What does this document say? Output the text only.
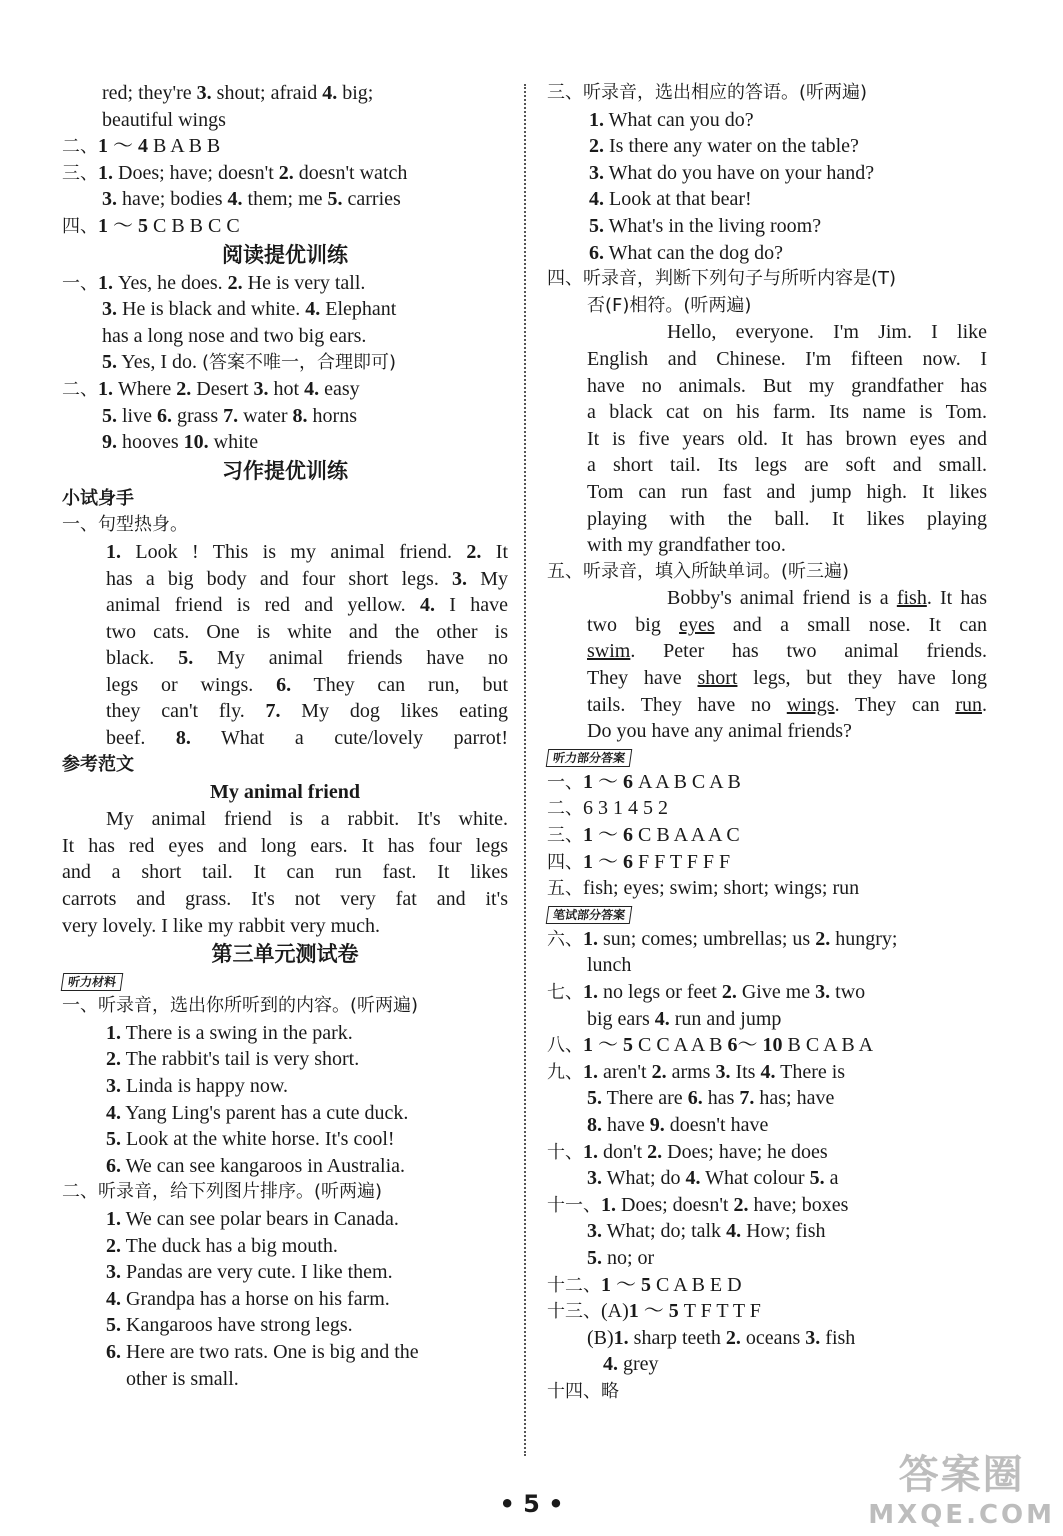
red; they're 3. shout; afraid 4. big;
beautiful wings
二、1 ～ 4 B A B B
三、1. Does; have; doesn't 2. doesn't watch
3. have; bodies 4. them; me 5. carries
四、1 ～ 5 C B B C C
阅读提优训练
一、1. Yes, he does. 2. He is very tall.
3. He is black and white. 4. Elephant
has a long nose and two big ears.
5. Yes, I do. (答案不唯一，合理即可)
二、1. Where 2. Desert 3. hot 4. easy
5. live 6. grass 7. water 8. horns
9. hooves 10. white
习作提优训练
小试身手
一、句型热身。
1. Look ! This is my animal friend. 2. It
has a big body and four short legs. 3. My
animal friend is red and yellow. 4. I have
two cats. One is white and the other is
black. 5. My animal friends have no
legs or wings. 6. They can run, but
they can't fly. 7. My dog likes eating
beef. 8. What a cute/lovely parrot!
参考范文
My animal friend
My animal friend is a rabbit. It's white.
It has red eyes and long ears. It has four legs
and a short tail. It can run fast. It likes
carrots and grass. It's not very fat and it's
very lovely. I like my rabbit very much.
第三单元测试卷
听力材料
一、听录音，选出你所听到的内容。(听两遍)
1. There is a swing in the park.
2. The rabbit's tail is very short.
3. Linda is happy now.
4. Yang Ling's parent has a cute duck.
5. Look at the white horse. It's cool!
6. We can see kangaroos in Australia.
二、听录音，给下列图片排序。(听两遍)
1. We can see polar bears in Canada.
2. The duck has a big mouth.
3. Pandas are very cute. I like them.
4. Grandpa has a horse on his farm.
5. Kangaroos have strong legs.
6. Here are two rats. One is big and the
other is small.
三、听录音，选出相应的答语。(听两遍)
1. What can you do?
2. Is there any water on the table?
3. What do you have on your hand?
4. Look at that bear!
5. What's in the living room?
6. What can the dog do?
四、听录音，判断下列句子与所听内容是(T)
否(F)相符。(听两遍)
Hello, everyone. I'm Jim. I like
English and Chinese. I'm fifteen now. I
have no animals. But my grandfather has
a black cat on his farm. Its name is Tom.
It is five years old. It has brown eyes and
a short tail. Its legs are soft and small.
Tom can run fast and jump high. It likes
playing with the ball. It likes playing
with my grandfather too.
五、听录音，填入所缺单词。(听三遍)
Bobby's animal friend is a fish. It has
two big eyes and a small nose. It can
swim. Peter has two animal friends.
They have short legs, but they have long
tails. They have no wings. They can run.
Do you have any animal friends?
听力部分答案
一、1 ～ 6 A A B C A B
二、6 3 1 4 5 2
三、1 ～ 6 C B A A A C
四、1 ～ 6 F F T F F F
五、fish; eyes; swim; short; wings; run
笔试部分答案
六、1. sun; comes; umbrellas; us 2. hungry;
lunch
七、1. no legs or feet 2. Give me 3. two
big ears 4. run and jump
八、1 ～ 5 C C A A B 6～ 10 B C A B A
九、1. aren't 2. arms 3. Its 4. There is
5. There are 6. has 7. has; have
8. have 9. doesn't have
十、1. don't 2. Does; have; he does
3. What; do 4. What colour 5. a
十一、1. Does; doesn't 2. have; boxes
3. What; do; talk 4. How; fish
5. no; or
十二、1 ～ 5 C A B E D
十三、(A)1 ～ 5 T F T T F
(B)1. sharp teeth 2. oceans 3. fish
4. grey
十四、略
• 5 •
答案圈
MXQE.COM
